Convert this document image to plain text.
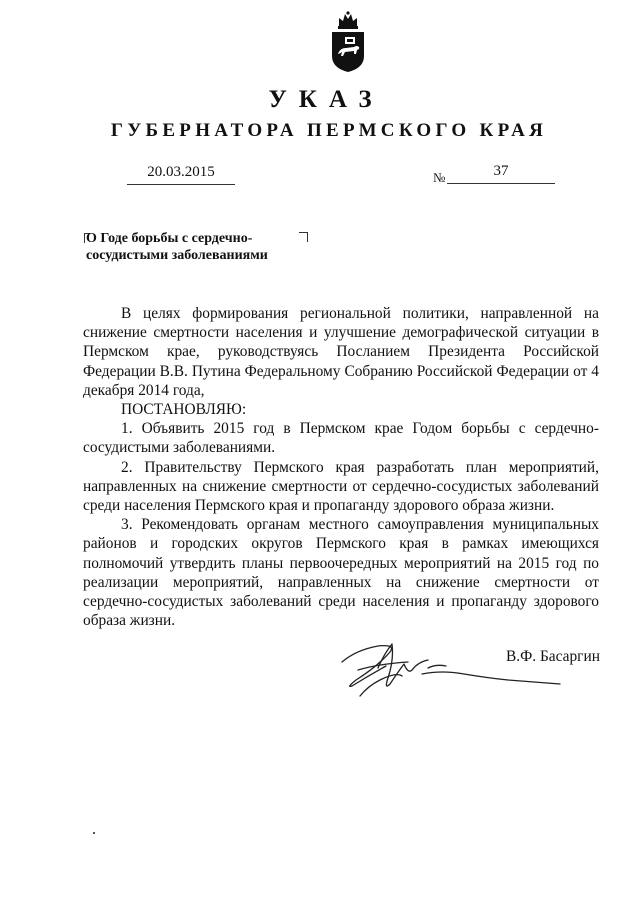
УКАЗ
ГУБЕРНАТОРА ПЕРМСКОГО КРАЯ
20.03.2015	№	37
О Годе борьбы с сердечно-сосудистыми заболеваниями

В целях формирования региональной политики, направленной на снижение смертности населения и улучшение демографической ситуации в Пермском крае, руководствуясь Посланием Президента Российской Федерации В.В. Путина Федеральному Собранию Российской Федерации от 4 декабря 2014 года,

ПОСТАНОВЛЯЮ:

1. Объявить 2015 год в Пермском крае Годом борьбы с сердечно-сосудистыми заболеваниями.

2. Правительству Пермского края разработать план мероприятий, направленных на снижение смертности от сердечно-сосудистых заболеваний среди населения Пермского края и пропаганду здорового образа жизни.

3. Рекомендовать органам местного самоуправления муниципальных районов и городских округов Пермского края в рамках имеющихся полномочий утвердить планы первоочередных мероприятий на 2015 год по реализации мероприятий, направленных на снижение смертности от сердечно-сосудистых заболеваний среди населения и пропаганду здорового образа жизни.

В.Ф. Басаргин
